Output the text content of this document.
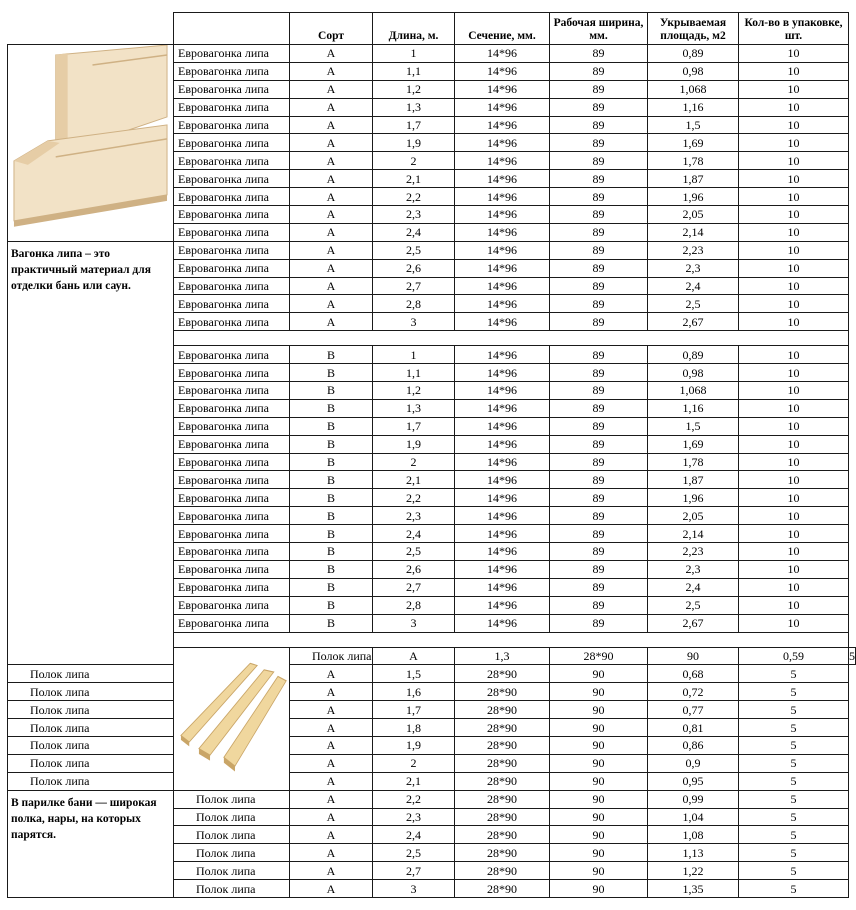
		Сорт	Длина, м.	Сечение, мм.	Рабочая ширина, мм.	Укрываемая площадь, м2	Кол-во в упаковке, шт.	

	Евровагонка липа	А	1	14*96	89	0,89	10	
	Евровагонка липа	А	1,1	14*96	89	0,98	10	
	Евровагонка липа	А	1,2	14*96	89	1,068	10	
	Евровагонка липа	А	1,3	14*96	89	1,16	10	
	Евровагонка липа	А	1,7	14*96	89	1,5	10	
	Евровагонка липа	А	1,9	14*96	89	1,69	10	
	Евровагонка липа	А	2	14*96	89	1,78	10	
	Евровагонка липа	А	2,1	14*96	89	1,87	10	
	Евровагонка липа	А	2,2	14*96	89	1,96	10	
	Евровагонка липа	А	2,3	14*96	89	2,05	10	
	Евровагонка липа	А	2,4	14*96	89	2,14	10	

Вагонка липа – это практичный материал для отделки бань или саун.	Евровагонка липа	А	2,5	14*96	89	2,23	10	
	Евровагонка липа	А	2,6	14*96	89	2,3	10	
	Евровагонка липа	А	2,7	14*96	89	2,4	10	
	Евровагонка липа	А	2,8	14*96	89	2,5	10	
	Евровагонка липа	А	3	14*96	89	2,67	10	

	Евровагонка липа	В	1	14*96	89	0,89	10	
	Евровагонка липа	В	1,1	14*96	89	0,98	10	
	Евровагонка липа	В	1,2	14*96	89	1,068	10	
	Евровагонка липа	В	1,3	14*96	89	1,16	10	
	Евровагонка липа	В	1,7	14*96	89	1,5	10	
	Евровагонка липа	В	1,9	14*96	89	1,69	10	
	Евровагонка липа	В	2	14*96	89	1,78	10	
	Евровагонка липа	В	2,1	14*96	89	1,87	10	
	Евровагонка липа	В	2,2	14*96	89	1,96	10	
	Евровагонка липа	В	2,3	14*96	89	2,05	10	
	Евровагонка липа	В	2,4	14*96	89	2,14	10	
	Евровагонка липа	В	2,5	14*96	89	2,23	10	
	Евровагонка липа	В	2,6	14*96	89	2,3	10	
	Евровагонка липа	В	2,7	14*96	89	2,4	10	
	Евровагонка липа	В	2,8	14*96	89	2,5	10	
	Евровагонка липа	В	3	14*96	89	2,67	10	

	Полок липа	А	1,3	28*90	90	0,59	5
Полок липа		А	1,5	28*90	90	0,68	5	
Полок липа		А	1,6	28*90	90	0,72	5	
Полок липа		А	1,7	28*90	90	0,77	5	
Полок липа		А	1,8	28*90	90	0,81	5	
Полок липа		А	1,9	28*90	90	0,86	5	
Полок липа		А	2	28*90	90	0,9	5	
Полок липа		А	2,1	28*90	90	0,95	5	

В парилке бани — широкая полка, нары, на которых парятся.	Полок липа	А	2,2	28*90	90	0,99	5	
	Полок липа	А	2,3	28*90	90	1,04	5	
	Полок липа	А	2,4	28*90	90	1,08	5	
	Полок липа	А	2,5	28*90	90	1,13	5	
	Полок липа	А	2,7	28*90	90	1,22	5	
	Полок липа	А	3	28*90	90	1,35	5	
